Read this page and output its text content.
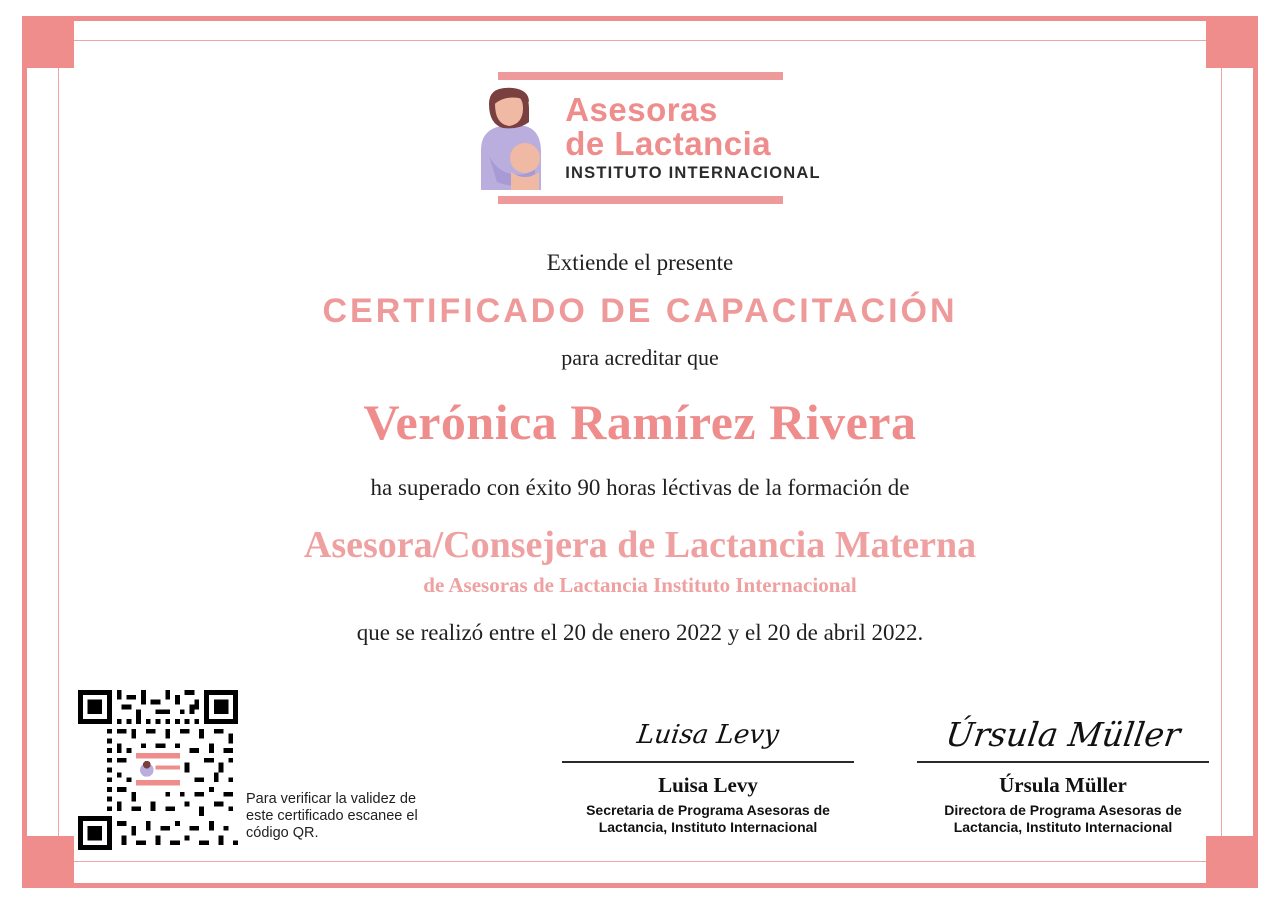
Asesoras
de Lactancia
INSTITUTO INTERNACIONAL
Extiende el presente
CERTIFICADO DE CAPACITACIÓN
para acreditar que
Verónica Ramírez Rivera
ha superado con éxito 90 horas léctivas de la formación de
Asesora/Consejera de Lactancia Materna
de Asesoras de Lactancia Instituto Internacional
que se realizó entre el 20 de enero 2022 y el 20 de abril 2022.
Para verificar la validez de este certificado escanee el código QR.
Luisa Levy
Luisa Levy
Secretaria de Programa Asesoras de Lactancia, Instituto Internacional
Úrsula Müller
Úrsula Müller
Directora de Programa Asesoras de Lactancia, Instituto Internacional
